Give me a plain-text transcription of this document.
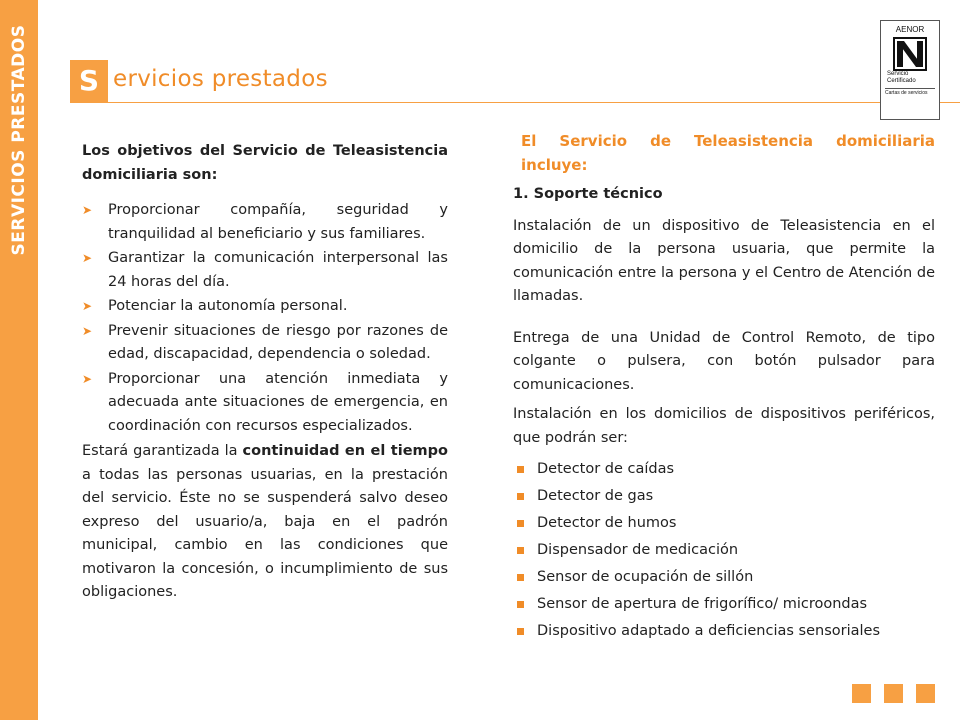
SERVICIOS PRESTADOS	S ervicios prestados
AENOR
Servicio
Certificado
Cartas de servicios
Los objetivos del Servicio de Teleasistencia domiciliaria son:
➤ Proporcionar compañía, seguridad y tranquilidad al beneficiario y sus familiares.
➤ Garantizar la comunicación interpersonal las 24 horas del día.
➤ Potenciar la autonomía personal.
➤ Prevenir situaciones de riesgo por razones de edad, discapacidad, dependencia o soledad.
➤ Proporcionar una atención inmediata y adecuada ante situaciones de emergencia, en coordinación con recursos especializados.
Estará garantizada la continuidad en el tiempo a todas las personas usuarias, en la prestación del servicio. Éste no se suspenderá salvo deseo expreso del usuario/a, baja en el padrón municipal, cambio en las condiciones que motivaron la concesión, o incumplimiento de sus obligaciones.
El Servicio de Teleasistencia domiciliaria incluye:
1. Soporte técnico
Instalación de un dispositivo de Teleasistencia en el domicilio de la persona usuaria, que permite la comunicación entre la persona y el Centro de Atención de llamadas.
Entrega de una Unidad de Control Remoto, de tipo colgante o pulsera, con botón pulsador para comunicaciones.
Instalación en los domicilios de dispositivos periféricos, que podrán ser:
Detector de caídas
Detector de gas
Detector de humos
Dispensador de medicación
Sensor de ocupación de sillón
Sensor de apertura de frigorífico/ microondas
Dispositivo adaptado a deficiencias sensoriales
